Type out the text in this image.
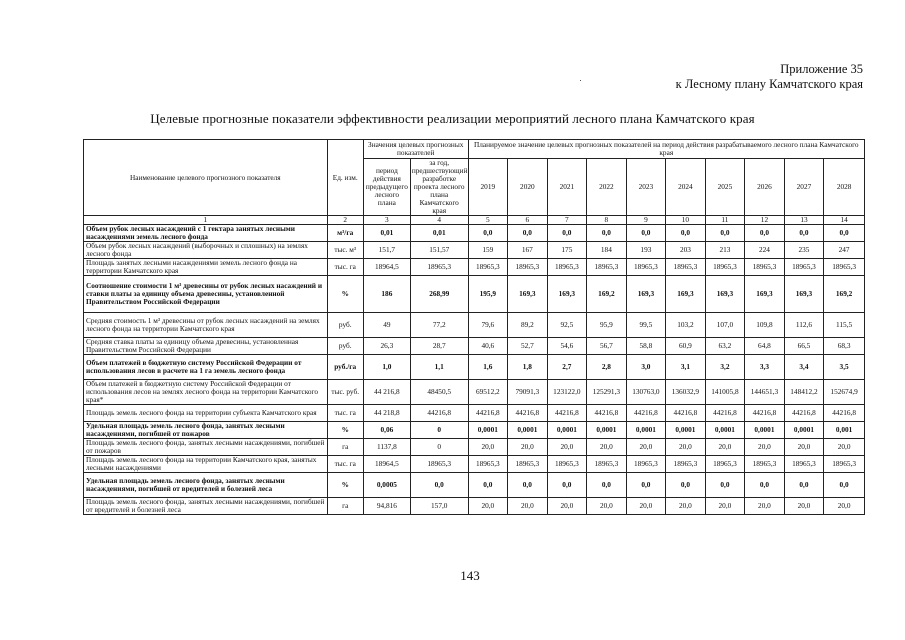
Приложение 35
к Лесному плану Камчатского края
Целевые прогнозные показатели эффективности реализации мероприятий лесного плана Камчатского края
Наименование целевого прогнозного показателя	Ед. изм.	Значения целевых прогнозных показателей		Планируемое значение целевых прогнозных показателей на период действия разрабатываемого лесного плана Камчатского края									
		период действия предыдущего лесного плана	за год, предшествующий разработке проекта лесного плана Камчатского края	2019	2020	2021	2022	2023	2024	2025	2026	2027	2028
1	2	3	4	5	6	7	8	9	10	11	12	13	14
Объем рубок лесных насаждений с 1 гектара занятых лесными насаждениями земель лесного фонда	м³/га	0,01	0,01	0,0	0,0	0,0	0,0	0,0	0,0	0,0	0,0	0,0	0,0
Объем рубок лесных насаждений (выборочных и сплошных) на землях лесного фонда	тыс. м³	151,7	151,57	159	167	175	184	193	203	213	224	235	247
Площадь занятых лесными насаждениями земель лесного фонда на территории Камчатского края	тыс. га	18964,5	18965,3	18965,3	18965,3	18965,3	18965,3	18965,3	18965,3	18965,3	18965,3	18965,3	18965,3
Соотношение стоимости 1 м³ древесины от рубок лесных насаждений и ставки платы за единицу объема древесины, установленной Правительством Российской Федерации	%	186	268,99	195,9	169,3	169,3	169,2	169,3	169,3	169,3	169,3	169,3	169,2
Средняя стоимость 1 м³ древесины от рубок лесных насаждений на землях лесного фонда на территории Камчатского края	руб.	49	77,2	79,6	89,2	92,5	95,9	99,5	103,2	107,0	109,8	112,6	115,5
Средняя ставка платы за единицу объема древесины, установленная Правительством Российской Федерации	руб.	26,3	28,7	40,6	52,7	54,6	56,7	58,8	60,9	63,2	64,8	66,5	68,3
Объем платежей в бюджетную систему Российской Федерации от использования лесов в расчете на 1 га земель лесного фонда	руб./га	1,0	1,1	1,6	1,8	2,7	2,8	3,0	3,1	3,2	3,3	3,4	3,5
Объем платежей в бюджетную систему Российской Федерации от использования лесов на землях лесного фонда на территории Камчатского края*	тыс. руб.	44 216,8	48450,5	69512,2	79091,3	123122,0	125291,3	130763,0	136032,9	141005,8	144651,3	148412,2	152674,9
Площадь земель лесного фонда на территории субъекта Камчатского края	тыс. га	44 218,8	44216,8	44216,8	44216,8	44216,8	44216,8	44216,8	44216,8	44216,8	44216,8	44216,8	44216,8
Удельная площадь земель лесного фонда, занятых лесными насаждениями, погибшей от пожаров	%	0,06	0	0,0001	0,0001	0,0001	0,0001	0,0001	0,0001	0,0001	0,0001	0,0001	0,001
Площадь земель лесного фонда, занятых лесными насаждениями, погибшей от пожаров	га	1137,8	0	20,0	20,0	20,0	20,0	20,0	20,0	20,0	20,0	20,0	20,0
Площадь земель лесного фонда на территории Камчатского края, занятых лесными насаждениями	тыс. га	18964,5	18965,3	18965,3	18965,3	18965,3	18965,3	18965,3	18965,3	18965,3	18965,3	18965,3	18965,3
Удельная площадь земель лесного фонда, занятых лесными насаждениями, погибшей от вредителей и болезней леса	%	0,0005	0,0	0,0	0,0	0,0	0,0	0,0	0,0	0,0	0,0	0,0	0,0
Площадь земель лесного фонда, занятых лесными насаждениями, погибшей от вредителей и болезней леса	га	94,816	157,0	20,0	20,0	20,0	20,0	20,0	20,0	20,0	20,0	20,0	20,0
143
